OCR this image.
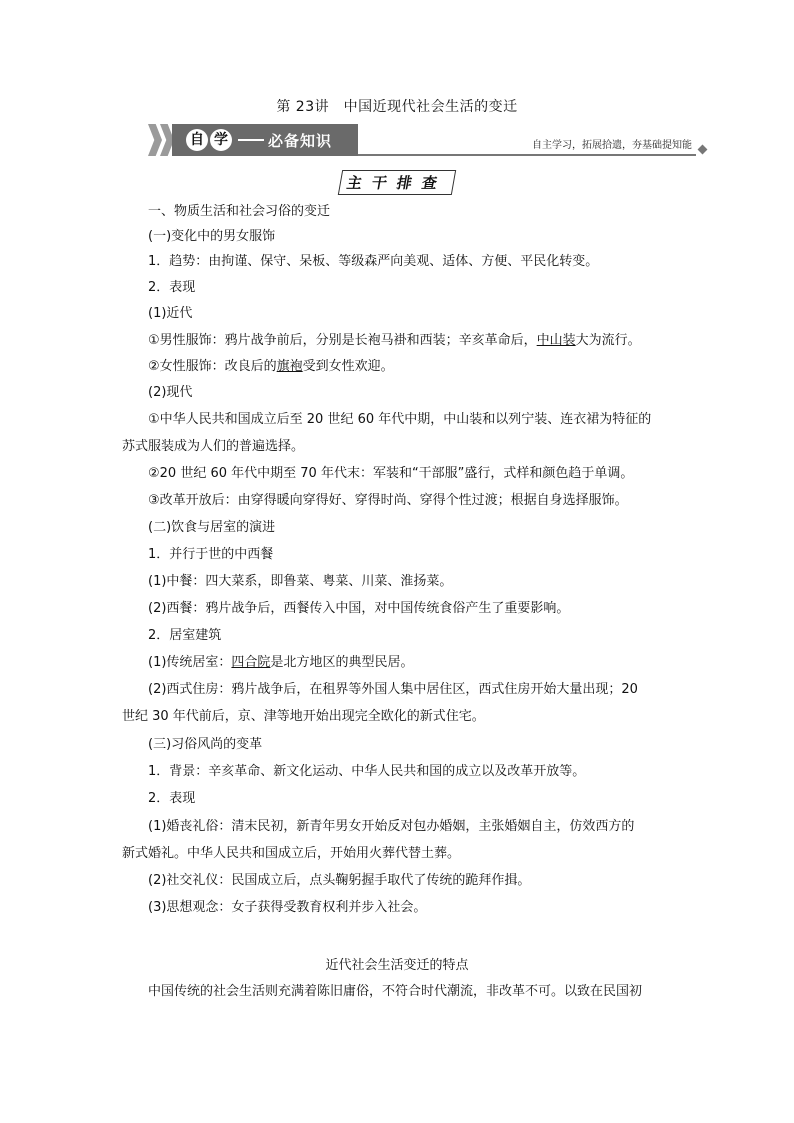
第 23讲　中国近现代社会生活的变迁
自 学	必备知识	自主学习，拓展拾遗，夯基础提知能
主干排查
一、物质生活和社会习俗的变迁
(一)变化中的男女服饰
1．趋势：由拘谨、保守、呆板、等级森严向美观、适体、方便、平民化转变。
2．表现
(1)近代
①男性服饰：鸦片战争前后，分别是长袍马褂和西装；辛亥革命后，中山装大为流行。
②女性服饰：改良后的旗袍受到女性欢迎。
(2)现代
①中华人民共和国成立后至 20 世纪 60 年代中期，中山装和以列宁装、连衣裙为特征的
苏式服装成为人们的普遍选择。
②20 世纪 60 年代中期至 70 年代末：军装和“干部服”盛行，式样和颜色趋于单调。
③改革开放后：由穿得暖向穿得好、穿得时尚、穿得个性过渡；根据自身选择服饰。
(二)饮食与居室的演进
1．并行于世的中西餐
(1)中餐：四大菜系，即鲁菜、粤菜、川菜、淮扬菜。
(2)西餐：鸦片战争后，西餐传入中国，对中国传统食俗产生了重要影响。
2．居室建筑
(1)传统居室：四合院是北方地区的典型民居。
(2)西式住房：鸦片战争后，在租界等外国人集中居住区，西式住房开始大量出现；20
世纪 30 年代前后，京、津等地开始出现完全欧化的新式住宅。
(三)习俗风尚的变革
1．背景：辛亥革命、新文化运动、中华人民共和国的成立以及改革开放等。
2．表现
(1)婚丧礼俗：清末民初，新青年男女开始反对包办婚姻，主张婚姻自主，仿效西方的
新式婚礼。中华人民共和国成立后，开始用火葬代替土葬。
(2)社交礼仪：民国成立后，点头鞠躬握手取代了传统的跪拜作揖。
(3)思想观念：女子获得受教育权利并步入社会。
近代社会生活变迁的特点
中国传统的社会生活则充满着陈旧庸俗，不符合时代潮流，非改革不可。以致在民国初
